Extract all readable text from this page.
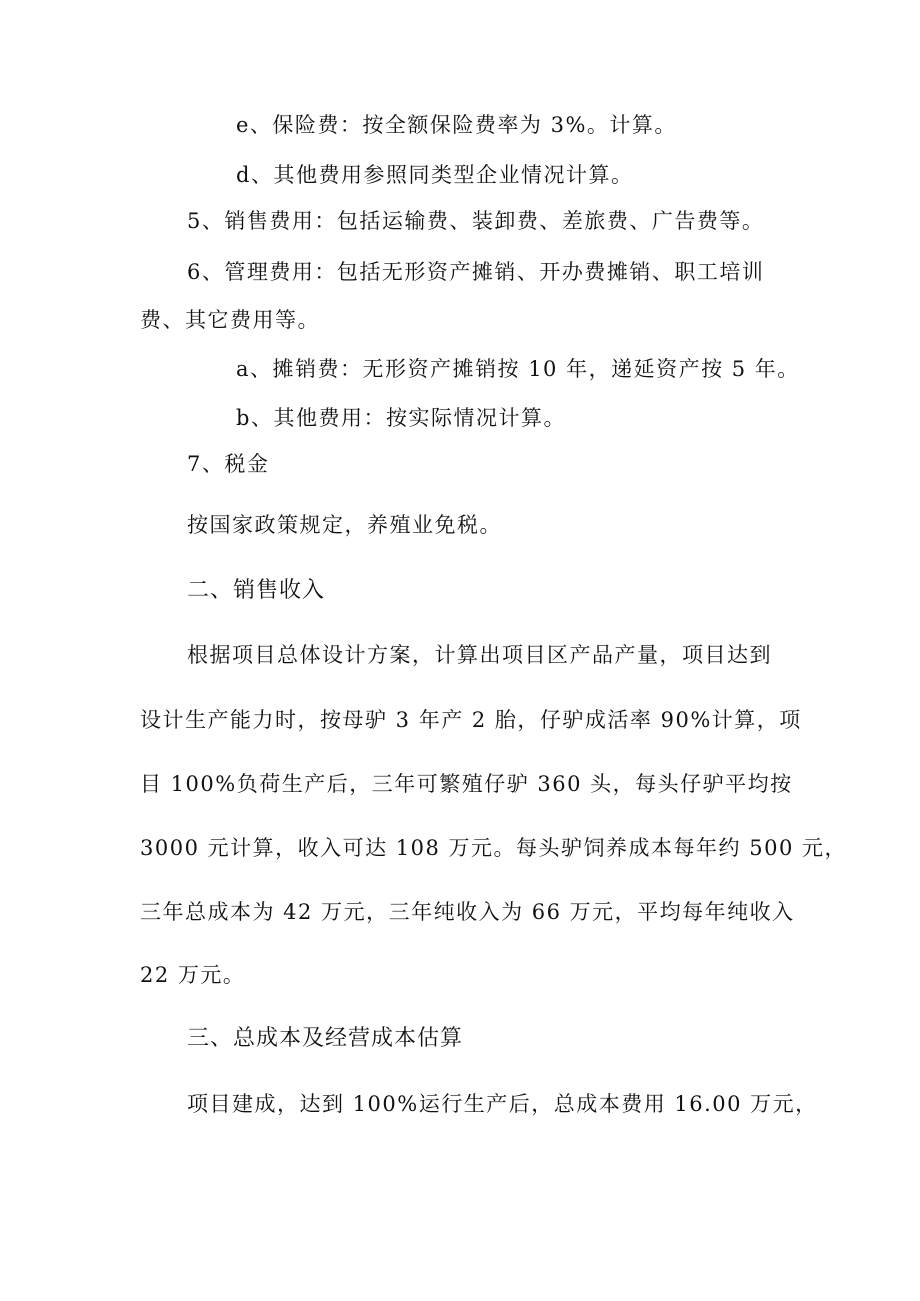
e、保险费：按全额保险费率为 3%。计算。
d、其他费用参照同类型企业情况计算。
5、销售费用：包括运输费、装卸费、差旅费、广告费等。
6、管理费用：包括无形资产摊销、开办费摊销、职工培训
费、其它费用等。
a、摊销费：无形资产摊销按 10 年，递延资产按 5 年。
b、其他费用：按实际情况计算。
7、税金
按国家政策规定，养殖业免税。
二、销售收入
根据项目总体设计方案，计算出项目区产品产量，项目达到
设计生产能力时，按母驴 3 年产 2 胎，仔驴成活率 90%计算，项
目 100%负荷生产后，三年可繁殖仔驴 360 头，每头仔驴平均按
3000 元计算，收入可达 108 万元。每头驴饲养成本每年约 500 元，
三年总成本为 42 万元，三年纯收入为 66 万元，平均每年纯收入
22 万元。
三、总成本及经营成本估算
项目建成，达到 100%运行生产后，总成本费用 16.00 万元，
